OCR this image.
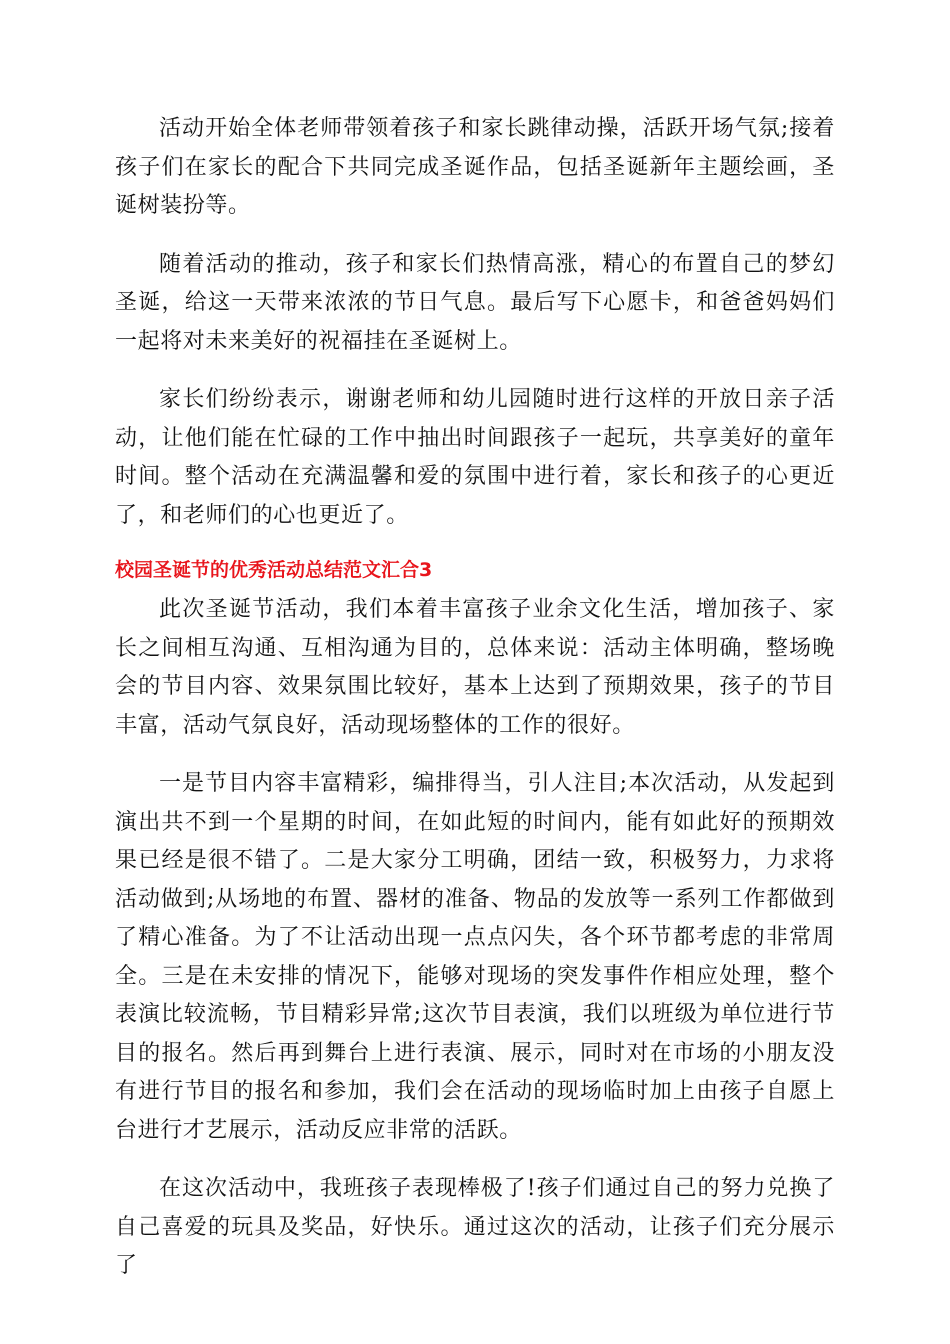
活动开始全体老师带领着孩子和家长跳律动操，活跃开场气氛;接着孩子们在家长的配合下共同完成圣诞作品，包括圣诞新年主题绘画，圣诞树装扮等。

随着活动的推动，孩子和家长们热情高涨，精心的布置自己的梦幻圣诞，给这一天带来浓浓的节日气息。最后写下心愿卡，和爸爸妈妈们一起将对未来美好的祝福挂在圣诞树上。

家长们纷纷表示，谢谢老师和幼儿园随时进行这样的开放日亲子活动，让他们能在忙碌的工作中抽出时间跟孩子一起玩，共享美好的童年时间。整个活动在充满温馨和爱的氛围中进行着，家长和孩子的心更近了，和老师们的心也更近了。

校园圣诞节的优秀活动总结范文汇合3

此次圣诞节活动，我们本着丰富孩子业余文化生活，增加孩子、家长之间相互沟通、互相沟通为目的，总体来说：活动主体明确，整场晚会的节目内容、效果氛围比较好，基本上达到了预期效果，孩子的节目丰富，活动气氛良好，活动现场整体的工作的很好。

一是节目内容丰富精彩，编排得当，引人注目;本次活动，从发起到演出共不到一个星期的时间，在如此短的时间内，能有如此好的预期效果已经是很不错了。二是大家分工明确，团结一致，积极努力，力求将活动做到;从场地的布置、器材的准备、物品的发放等一系列工作都做到了精心准备。为了不让活动出现一点点闪失，各个环节都考虑的非常周全。三是在未安排的情况下，能够对现场的突发事件作相应处理，整个表演比较流畅，节目精彩异常;这次节目表演，我们以班级为单位进行节目的报名。然后再到舞台上进行表演、展示，同时对在市场的小朋友没有进行节目的报名和参加，我们会在活动的现场临时加上由孩子自愿上台进行才艺展示，活动反应非常的活跃。

在这次活动中，我班孩子表现棒极了!孩子们通过自己的努力兑换了自己喜爱的玩具及奖品，好快乐。通过这次的活动，让孩子们充分展示了
